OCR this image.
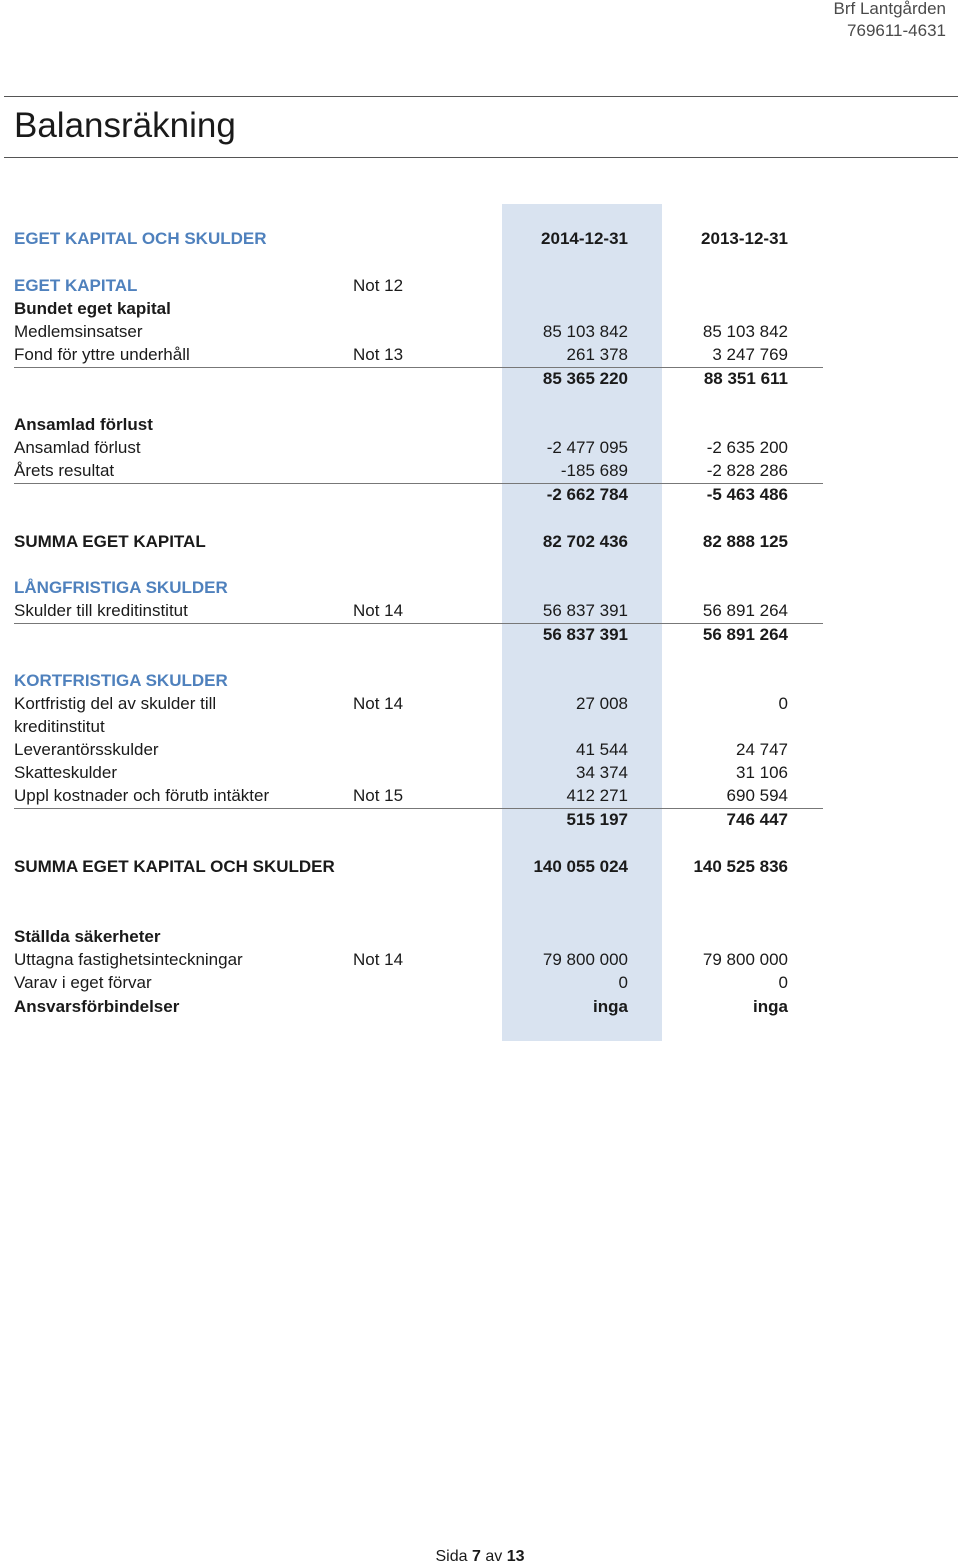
Brf Lantgården
769611-4631
Balansräkning
EGET KAPITAL OCH SKULDER	2014-12-31	2013-12-31
EGET KAPITAL	Not 12
Bundet eget kapital
Medlemsinsatser	85 103 842	85 103 842
Fond för yttre underhåll	Not 13	261 378	3 247 769
85 365 220	88 351 611
Ansamlad förlust
Ansamlad förlust	-2 477 095	-2 635 200
Årets resultat	-185 689	-2 828 286
-2 662 784	-5 463 486
SUMMA EGET KAPITAL	82 702 436	82 888 125
LÅNGFRISTIGA SKULDER
Skulder till kreditinstitut	Not 14	56 837 391	56 891 264
56 837 391	56 891 264
KORTFRISTIGA SKULDER
Kortfristig del av skulder till	Not 14	27 008	0
kreditinstitut
Leverantörsskulder	41 544	24 747
Skatteskulder	34 374	31 106
Uppl kostnader och förutb intäkter	Not 15	412 271	690 594
515 197	746 447
SUMMA EGET KAPITAL OCH SKULDER	140 055 024	140 525 836
Ställda säkerheter
Uttagna fastighetsinteckningar	Not 14	79 800 000	79 800 000
Varav i eget förvar	0	0
Ansvarsförbindelser	inga	inga
Sida 7 av 13
